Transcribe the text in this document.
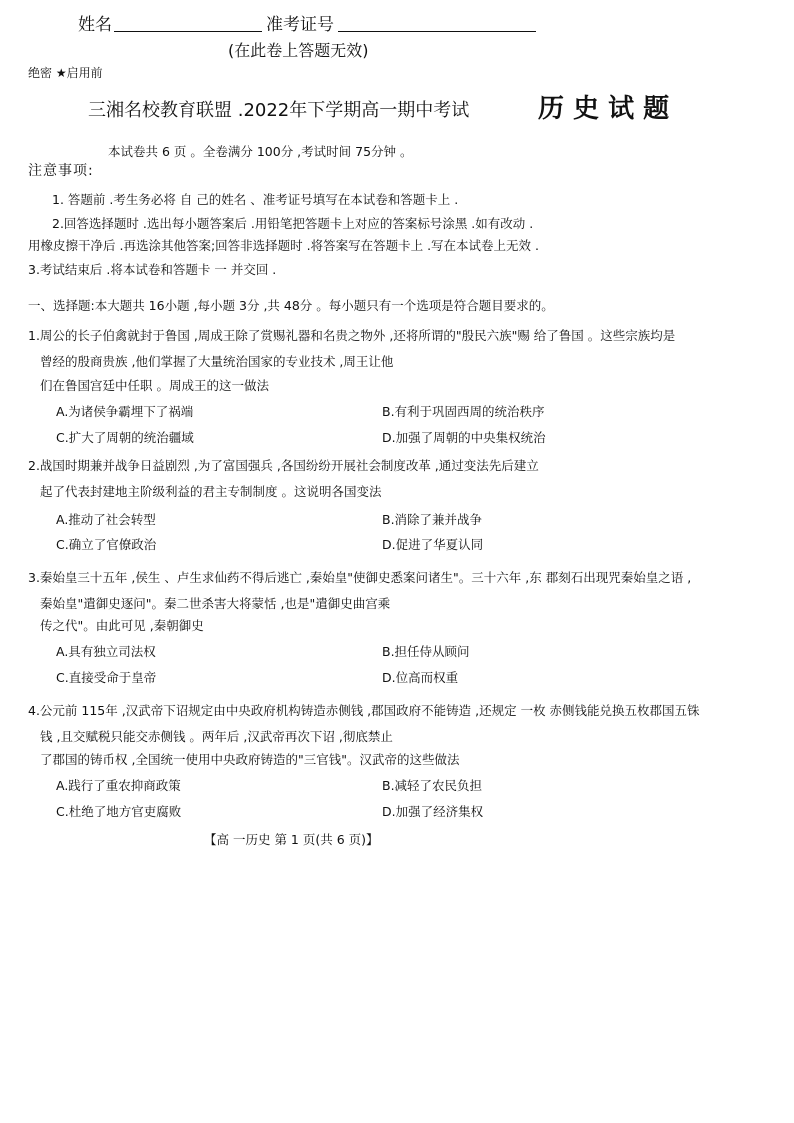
姓名	准考证号
(在此卷上答题无效)
绝密 ★启用前
三湘名校教育联盟 .2022年下学期高一期中考试	历 史 试 题
本试卷共 6 页 。全卷满分 100分 ,考试时间 75分钟 。
注意事项:
1. 答题前 .考生务必将 自 己的姓名 、准考证号填写在本试卷和答题卡上 .
2.回答选择题时 .选出每小题答案后 .用铅笔把答题卡上对应的答案标号涂黑 .如有改动 .
用橡皮擦干净后 .再选涂其他答案;回答非选择题时 .将答案写在答题卡上 .写在本试卷上无效 .
3.考试结束后 .将本试卷和答题卡 一 并交回 .
一、选择题:本大题共 16小题 ,每小题 3分 ,共 48分 。每小题只有一个选项是符合题目要求的。
1.周公的长子伯禽就封于鲁国 ,周成王除了赏赐礼器和名贵之物外 ,还将所谓的"殷民六族"赐 给了鲁国 。这些宗族均是
曾经的殷商贵族 ,他们掌握了大量统治国家的专业技术 ,周王让他
们在鲁国宫廷中任职 。周成王的这一做法
A.为诸侯争霸埋下了祸端	B.有利于巩固西周的统治秩序
C.扩大了周朝的统治疆域	D.加强了周朝的中央集权统治
2.战国时期兼并战争日益剧烈 ,为了富国强兵 ,各国纷纷开展社会制度改革 ,通过变法先后建立
起了代表封建地主阶级利益的君主专制制度 。这说明各国变法
A.推动了社会转型	B.消除了兼并战争
C.确立了官僚政治	D.促进了华夏认同
3.秦始皇三十五年 ,侯生 、卢生求仙药不得后逃亡 ,秦始皇"使御史悉案问诸生"。三十六年 ,东 郡刻石出现咒秦始皇之语 ,
秦始皇"遣御史逐问"。秦二世杀害大将蒙恬 ,也是"遣御史曲宫乘
传之代"。由此可见 ,秦朝御史
A.具有独立司法权	B.担任侍从顾问
C.直接受命于皇帝	D.位高而权重
4.公元前 115年 ,汉武帝下诏规定由中央政府机构铸造赤侧钱 ,郡国政府不能铸造 ,还规定 一枚 赤侧钱能兑换五枚郡国五铢
钱 ,且交赋税只能交赤侧钱 。两年后 ,汉武帝再次下诏 ,彻底禁止
了郡国的铸币权 ,全国统一使用中央政府铸造的"三官钱"。汉武帝的这些做法
A.践行了重农抑商政策	B.减轻了农民负担
C.杜绝了地方官吏腐败	D.加强了经济集权
【高 一历史 第 1 页(共 6 页)】
